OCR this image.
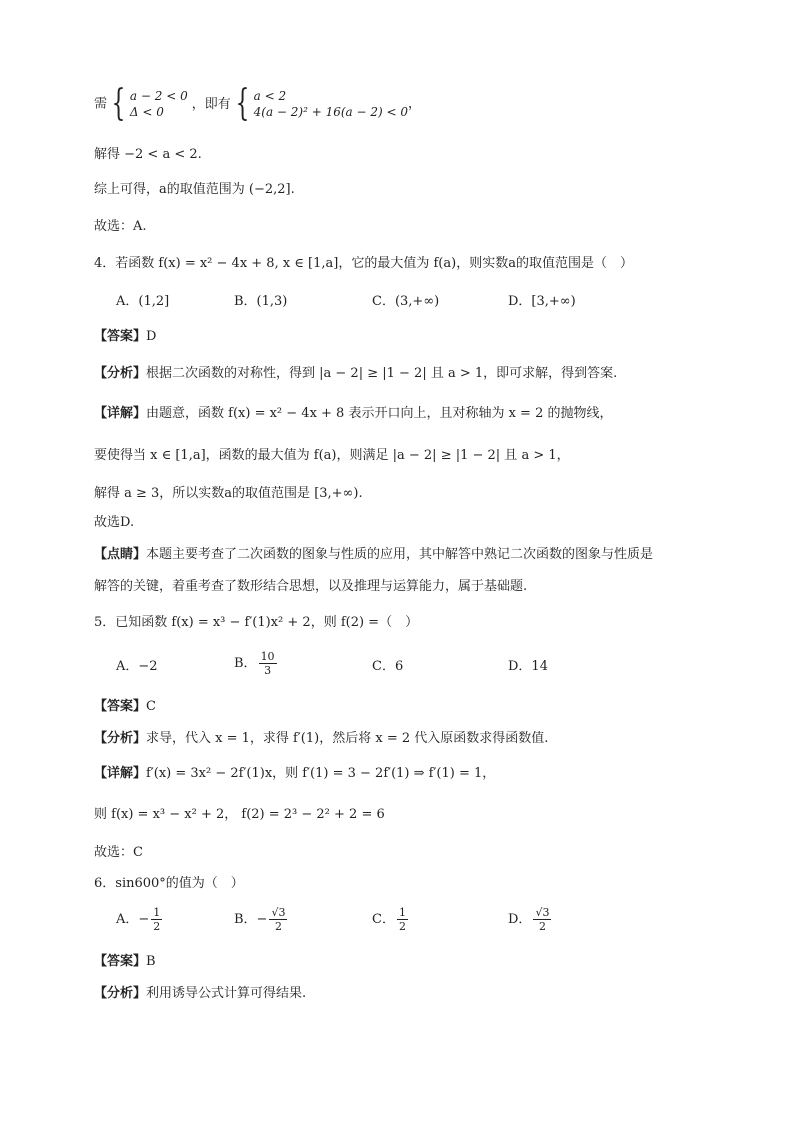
需 { a − 2 < 0
Δ < 0
，即有 { a < 2
4(a − 2)² + 16(a − 2) < 0
，
解得 −2 < a < 2.
综上可得，a的取值范围为 (−2,2].
故选：A.
4．若函数 f(x) = x² − 4x + 8, x ∈ [1,a]，它的最大值为 f(a)，则实数a的取值范围是（　）
A．(1,2]	B．(1,3)	C．(3,+∞)	D．[3,+∞)
【答案】D
【分析】根据二次函数的对称性，得到 |a − 2| ≥ |1 − 2| 且 a > 1，即可求解，得到答案.
【详解】由题意，函数 f(x) = x² − 4x + 8 表示开口向上，且对称轴为 x = 2 的抛物线，
要使得当 x ∈ [1,a]，函数的最大值为 f(a)，则满足 |a − 2| ≥ |1 − 2| 且 a > 1，
解得 a ≥ 3，所以实数a的取值范围是 [3,+∞).
故选D.
【点睛】本题主要考查了二次函数的图象与性质的应用，其中解答中熟记二次函数的图象与性质是
解答的关键，着重考查了数形结合思想，以及推理与运算能力，属于基础题.
5．已知函数 f(x) = x³ − f′(1)x² + 2，则 f(2) =（　）
A．−2	B． $\frac{10}{3}$	C．6	D．14
【答案】C
【分析】求导，代入 x = 1，求得 f′(1)，然后将 x = 2 代入原函数求得函数值.
【详解】f′(x) = 3x² − 2f′(1)x，则 f′(1) = 3 − 2f′(1) ⇒ f′(1) = 1，
则 f(x) = x³ − x² + 2， f(2) = 2³ − 2² + 2 = 6
故选：C
6．sin600°的值为（　）
A．− $\frac{1}{2}$	B．− $\frac{√3}{2}$	C． $\frac{1}{2}$	D． $\frac{√3}{2}$
【答案】B
【分析】利用诱导公式计算可得结果.
